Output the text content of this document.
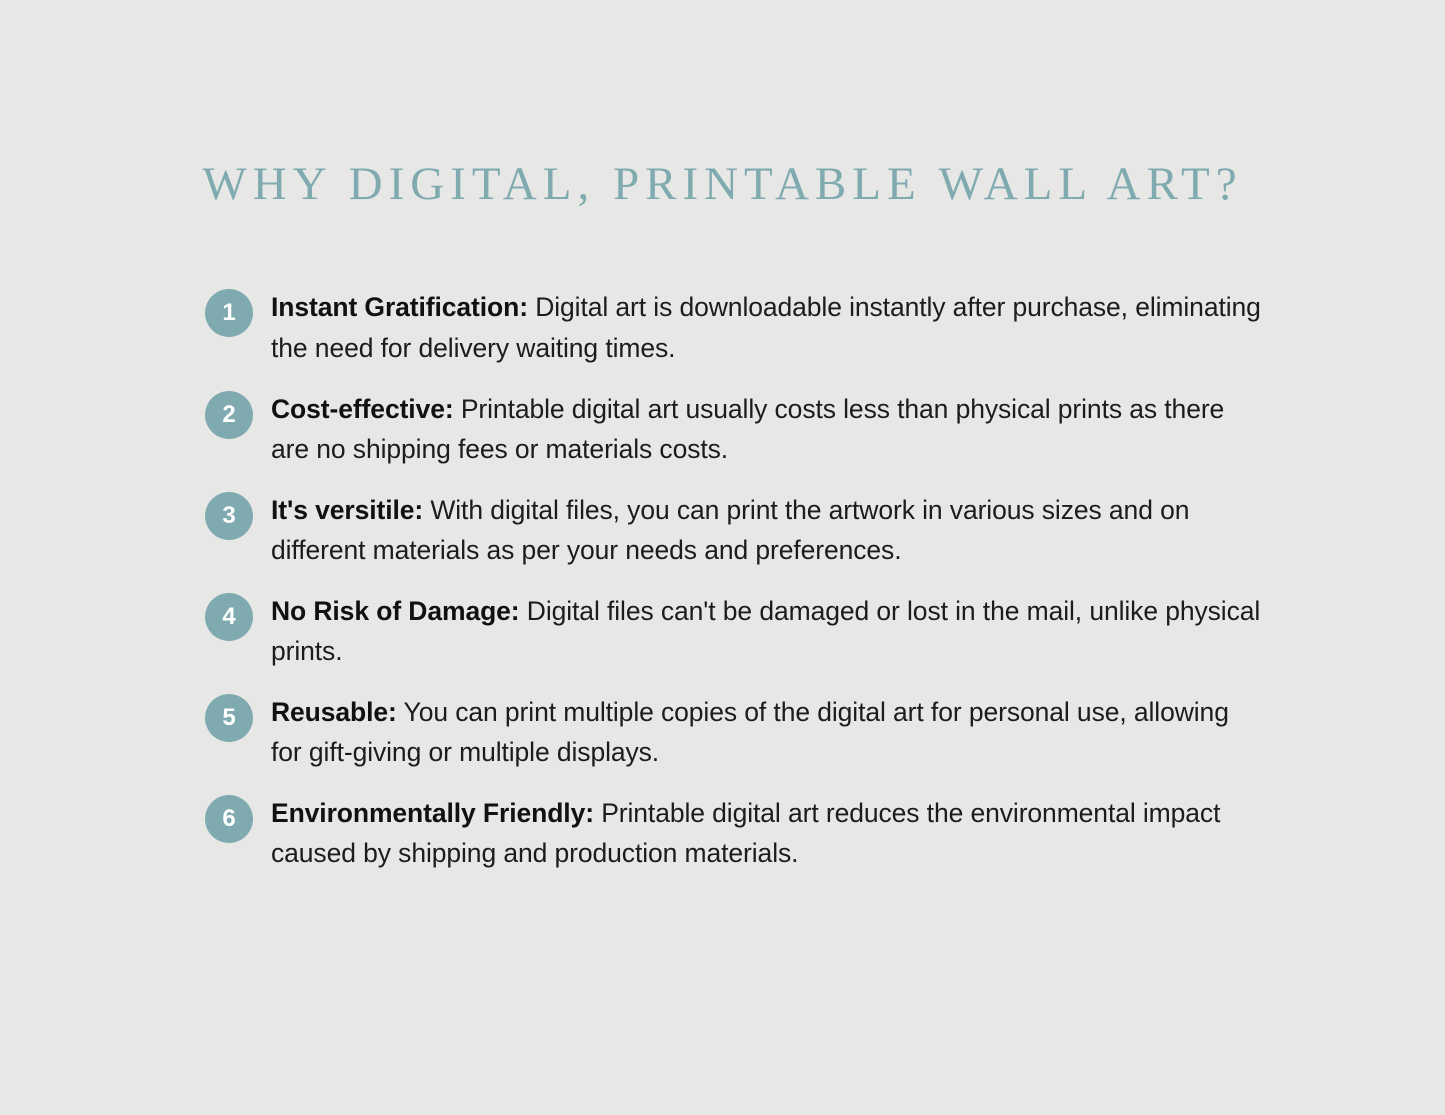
WHY DIGITAL, PRINTABLE WALL ART?
1	Instant Gratification: Digital art is downloadable instantly after purchase, eliminating the need for delivery waiting times.
2	Cost-effective: Printable digital art usually costs less than physical prints as there are no shipping fees or materials costs.
3	It's versitile: With digital files, you can print the artwork in various sizes and on different materials as per your needs and preferences.
4	No Risk of Damage: Digital files can't be damaged or lost in the mail, unlike physical prints.
5	Reusable: You can print multiple copies of the digital art for personal use, allowing for gift-giving or multiple displays.
6	Environmentally Friendly: Printable digital art reduces the environmental impact caused by shipping and production materials.
